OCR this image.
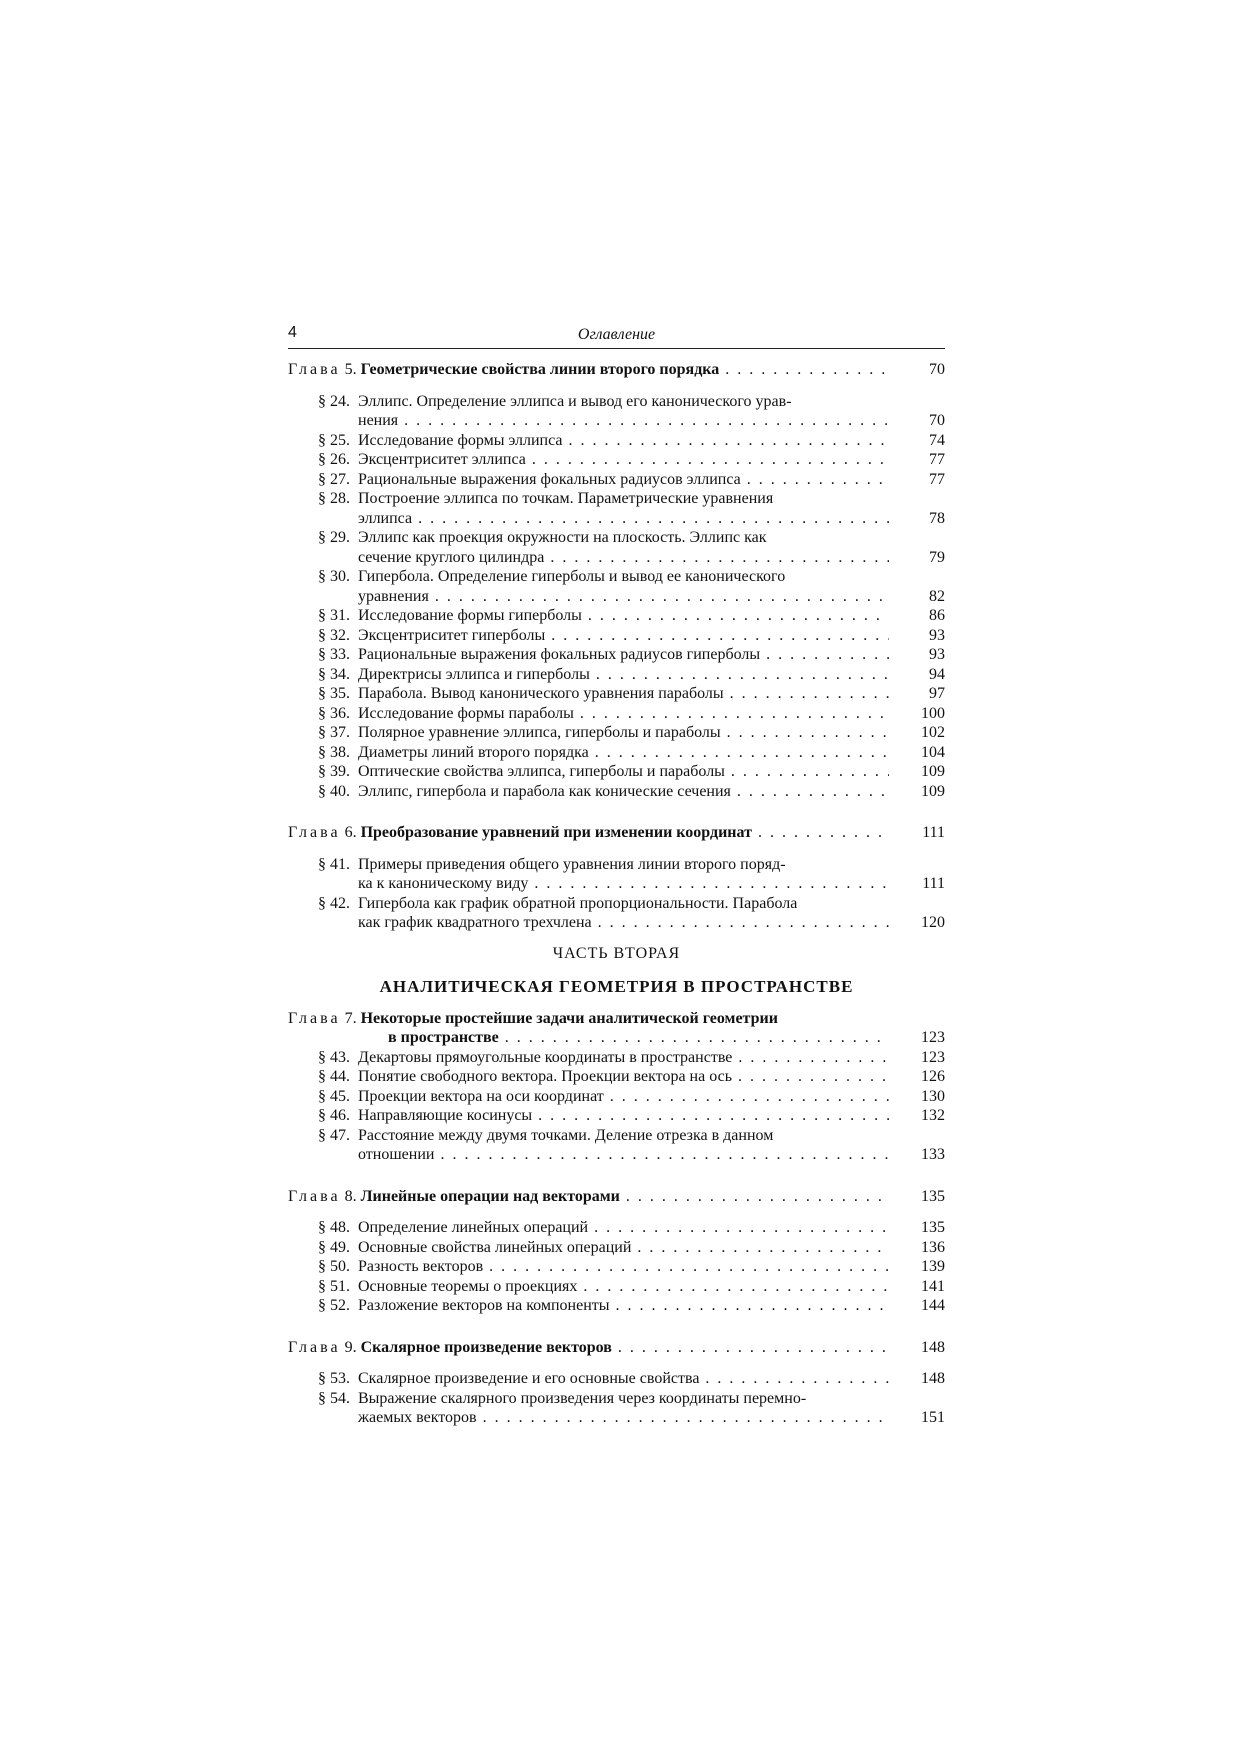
4	Оглавление
Глава 5. Геометрические свойства линии второго порядка . . .	70
§ 24. Эллипс. Определение эллипса и вывод его канонического урав-
нения . . .	70
§ 25. Исследование формы эллипса . . .	74
§ 26. Эксцентриситет эллипса . . .	77
§ 27. Рациональные выражения фокальных радиусов эллипса . . .	77
§ 28. Построение эллипса по точкам. Параметрические уравнения
эллипса . . .	78
§ 29. Эллипс как проекция окружности на плоскость. Эллипс как
сечение круглого цилиндра . . .	79
§ 30. Гипербола. Определение гиперболы и вывод ее канонического
уравнения . . .	82
§ 31. Исследование формы гиперболы . . .	86
§ 32. Эксцентриситет гиперболы . . .	93
§ 33. Рациональные выражения фокальных радиусов гиперболы . . .	93
§ 34. Директрисы эллипса и гиперболы . . .	94
§ 35. Парабола. Вывод канонического уравнения параболы . . .	97
§ 36. Исследование формы параболы . . .	100
§ 37. Полярное уравнение эллипса, гиперболы и параболы . . .	102
§ 38. Диаметры линий второго порядка . . .	104
§ 39. Оптические свойства эллипса, гиперболы и параболы . . .	109
§ 40. Эллипс, гипербола и парабола как конические сечения . . .	109
Глава 6. Преобразование уравнений при изменении координат . . .	111
§ 41. Примеры приведения общего уравнения линии второго поряд-
ка к каноническому виду . . .	111
§ 42. Гипербола как график обратной пропорциональности. Парабола
как график квадратного трехчлена . . .	120
ЧАСТЬ ВТОРАЯ
АНАЛИТИЧЕСКАЯ ГЕОМЕТРИЯ В ПРОСТРАНСТВЕ
Глава 7. Некоторые простейшие задачи аналитической геометрии
в пространстве . . .	123
§ 43. Декартовы прямоугольные координаты в пространстве . . .	123
§ 44. Понятие свободного вектора. Проекции вектора на ось . . .	126
§ 45. Проекции вектора на оси координат . . .	130
§ 46. Направляющие косинусы . . .	132
§ 47. Расстояние между двумя точками. Деление отрезка в данном
отношении . . .	133
Глава 8. Линейные операции над векторами . . .	135
§ 48. Определение линейных операций . . .	135
§ 49. Основные свойства линейных операций . . .	136
§ 50. Разность векторов . . .	139
§ 51. Основные теоремы о проекциях . . .	141
§ 52. Разложение векторов на компоненты . . .	144
Глава 9. Скалярное произведение векторов . . .	148
§ 53. Скалярное произведение и его основные свойства . . .	148
§ 54. Выражение скалярного произведения через координаты перемно-
жаемых векторов . . .	151
